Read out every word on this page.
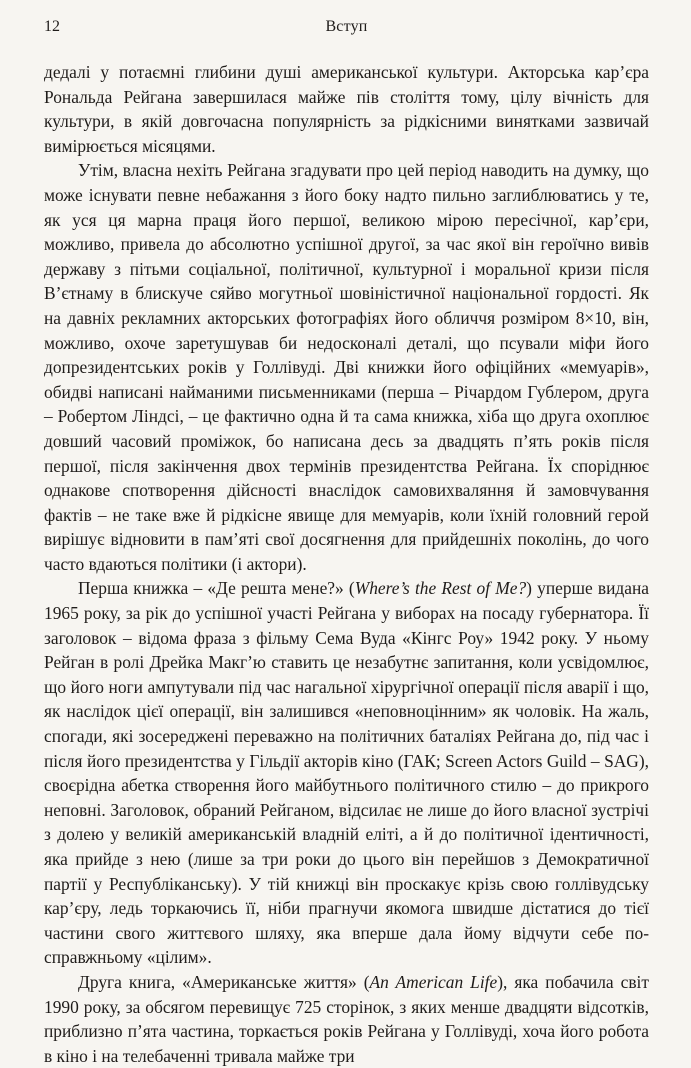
12	Вступ

дедалі у потаємні глибини душі американської культури. Акторська кар’єра Рональда Рейгана завершилася майже пів століття тому, цілу вічність для культури, в якій довгочасна популярність за рідкісними винятками зазвичай вимірюється місяцями.

Утім, власна нехіть Рейгана згадувати про цей період наводить на думку, що може існувати певне небажання з його боку надто пильно заглиблюватись у те, як уся ця марна праця його першої, великою мірою пересічної, кар’єри, можливо, привела до абсолютно успішної другої, за час якої він героїчно вивів державу з пітьми соціальної, політичної, культурної і моральної кризи після В’єтнаму в блискуче сяйво могутньої шовіністичної національної гордості. Як на давніх рекламних акторських фотографіях його обличчя розміром 8×10, він, можливо, охоче заретушував би недосконалі деталі, що псували міфи його допрезидентських років у Голлівуді. Дві книжки його офіційних «мемуарів», обидві написані найманими письменниками (перша – Річардом Гублером, друга – Робертом Ліндсі, – це фактично одна й та сама книжка, хіба що друга охоплює довший часовий проміжок, бо написана десь за двадцять п’ять років після першої, після закінчення двох термінів президентства Рейгана. Їх споріднює однакове спотворення дійсності внаслідок самовихваляння й замовчування фактів – не таке вже й рідкісне явище для мемуарів, коли їхній головний герой вирішує відновити в пам’яті свої досягнення для прийдешніх поколінь, до чого часто вдаються політики (і актори).

Перша книжка – «Де решта мене?» (Where’s the Rest of Me?) уперше видана 1965 року, за рік до успішної участі Рейгана у виборах на посаду губернатора. Її заголовок – відома фраза з фільму Сема Вуда «Кінгс Роу» 1942 року. У ньому Рейган в ролі Дрейка Макг’ю ставить це незабутнє запитання, коли усвідомлює, що його ноги ампутували під час нагальної хірургічної операції після аварії і що, як наслідок цієї операції, він залишився «неповноцінним» як чоловік. На жаль, спогади, які зосереджені переважно на політичних баталіях Рейгана до, під час і після його президентства у Гільдії акторів кіно (ГАК; Screen Actors Guild – SAG), своєрідна абетка створення його майбутнього політичного стилю – до прикрого неповні. Заголовок, обраний Рейганом, відсилає не лише до його власної зустрічі з долею у великій американській владній еліті, а й до політичної ідентичності, яка прийде з нею (лише за три роки до цього він перейшов з Демократичної партії у Республіканську). У тій книжці він проскакує крізь свою голлівудську кар’єру, ледь торкаючись її, ніби прагнучи якомога швидше дістатися до тієї частини свого життєвого шляху, яка вперше дала йому відчути себе по-справжньому «цілим».

Друга книга, «Американське життя» (An American Life), яка побачила світ 1990 року, за обсягом перевищує 725 сторінок, з яких менше двадцяти відсотків, приблизно п’ята частина, торкається років Рейгана у Голлівуді, хоча його робота в кіно і на телебаченні тривала майже три
